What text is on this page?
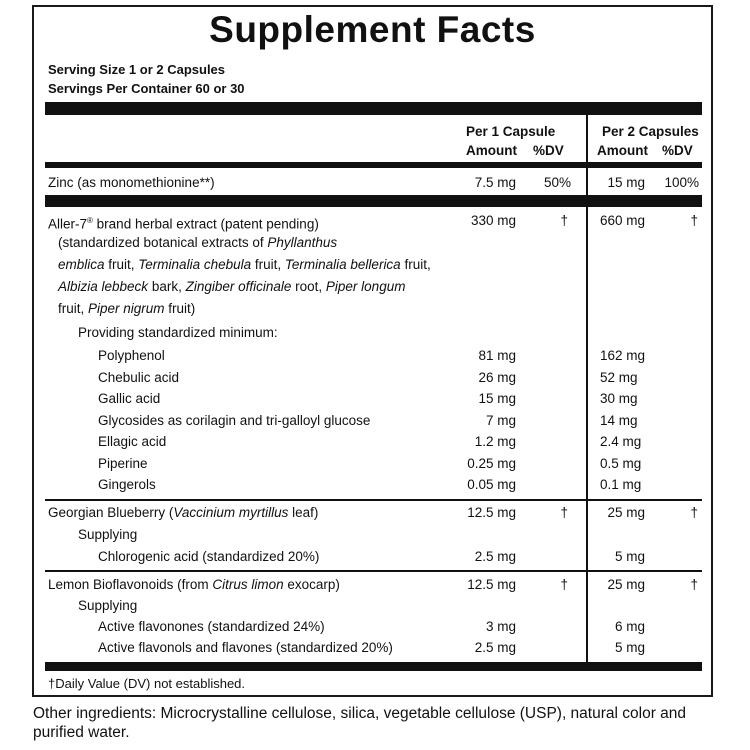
Supplement Facts
Serving Size 1 or 2 Capsules
Servings Per Container 60 or 30
Per 1 Capsule	Per 2 Capsules
Amount %DV Amount %DV
Zinc (as monomethionine**)	7.5 mg	50%	15 mg	100%
Aller-7® brand herbal extract (patent pending)	330 mg	† 660 mg	†
(standardized botanical extracts of Phyllanthus
emblica fruit, Terminalia chebula fruit, Terminalia bellerica fruit,
Albizia lebbeck bark, Zingiber officinale root, Piper longum
fruit, Piper nigrum fruit)
Providing standardized minimum:
Polyphenol	81 mg	162 mg
Chebulic acid	26 mg	52 mg
Gallic acid	15 mg	30 mg
Glycosides as corilagin and tri-galloyl glucose	7 mg	14 mg
Ellagic acid	1.2 mg	2.4 mg
Piperine	0.25 mg	0.5 mg
Gingerols	0.05 mg	0.1 mg
Georgian Blueberry (Vaccinium myrtillus leaf)	12.5 mg	†	25 mg	†
Supplying
Chlorogenic acid (standardized 20%)	2.5 mg	5 mg
Lemon Bioflavonoids (from Citrus limon exocarp)	12.5 mg	†	25 mg	†
Supplying
Active flavonones (standardized 24%)	3 mg	6 mg
Active flavonols and flavones (standardized 20%)	2.5 mg	5 mg
†Daily Value (DV) not established.
Other ingredients: Microcrystalline cellulose, silica, vegetable cellulose (USP), natural color and purified water.
